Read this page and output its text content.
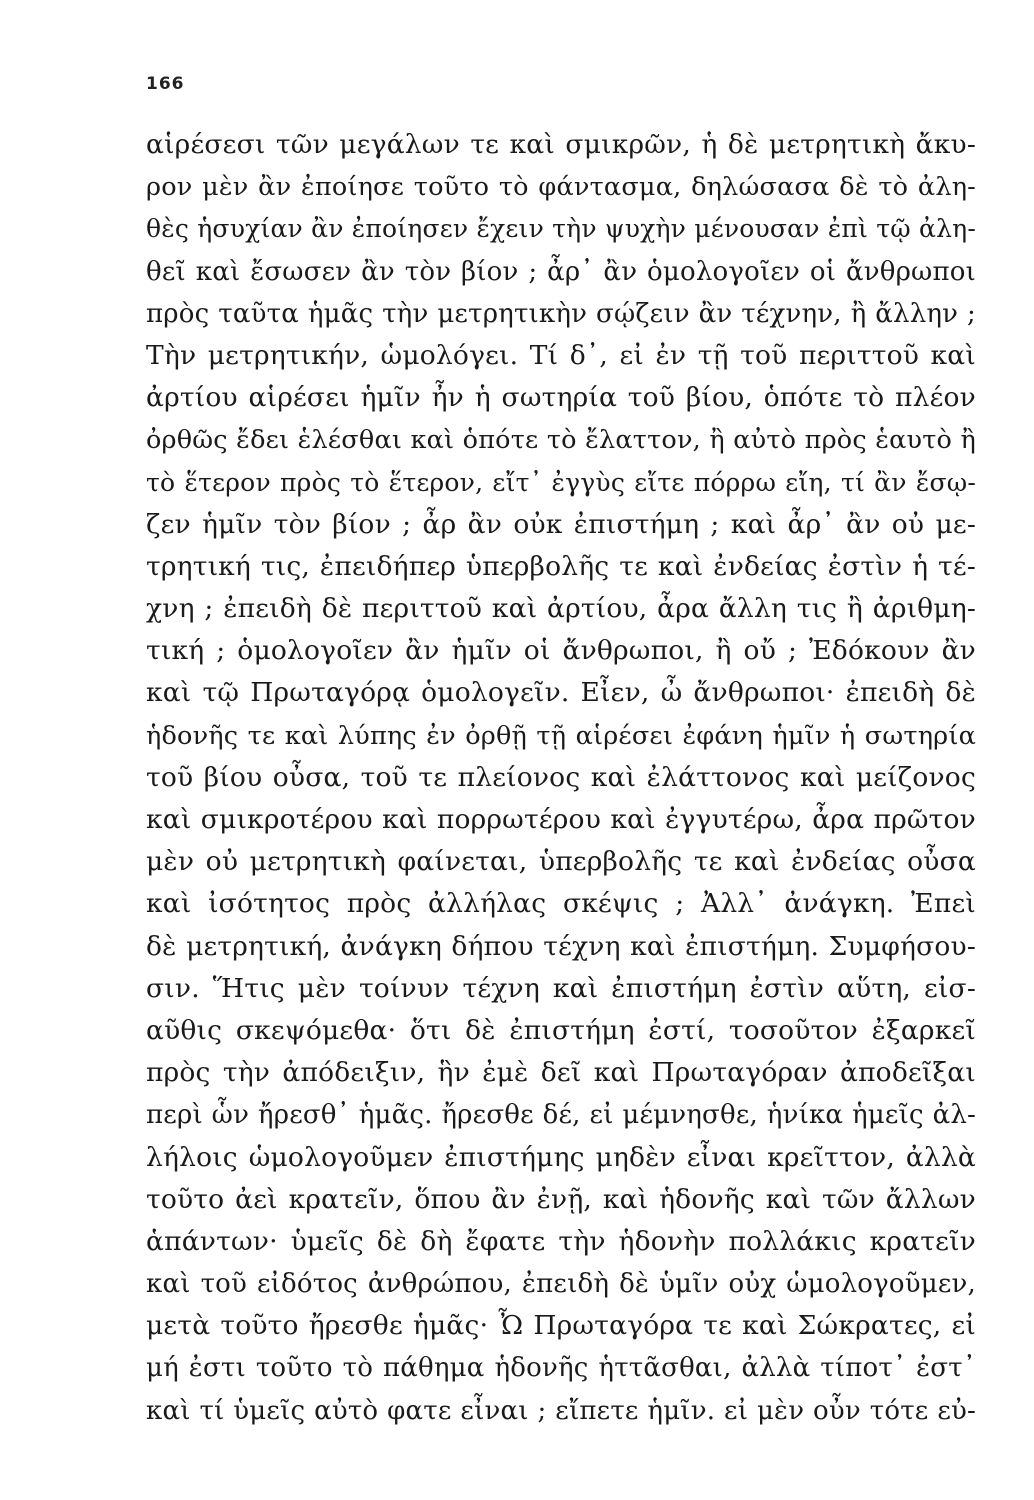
166
αἱρέσεσι τῶν μεγάλων τε καὶ σμικρῶν, ἡ δὲ μετρητικὴ ἄκυ- ρον μὲν ἂν ἐποίησε τοῦτο τὸ φάντασμα, δηλώσασα δὲ τὸ ἀλη- θὲς ἡσυχίαν ἂν ἐποίησεν ἔχειν τὴν ψυχὴν μένουσαν ἐπὶ τῷ ἀλη- θεῖ καὶ ἔσωσεν ἂν τὸν βίον ; ἆρ᾽ ἂν ὁμολογοῖεν οἱ ἄνθρωποι πρὸς ταῦτα ἡμᾶς τὴν μετρητικὴν σῴζειν ἂν τέχνην, ἢ ἄλλην ; Τὴν μετρητικήν, ὡμολόγει. Τί δ᾽, εἰ ἐν τῇ τοῦ περιττοῦ καὶ ἀρτίου αἱρέσει ἡμῖν ἦν ἡ σωτηρία τοῦ βίου, ὁπότε τὸ πλέον ὀρθῶς ἔδει ἑλέσθαι καὶ ὁπότε τὸ ἔλαττον, ἢ αὐτὸ πρὸς ἑαυτὸ ἢ τὸ ἕτερον πρὸς τὸ ἕτερον, εἴτ᾽ ἐγγὺς εἴτε πόρρω εἴη, τί ἂν ἔσῳ- ζεν ἡμῖν τὸν βίον ; ἆρ ἂν οὐκ ἐπιστήμη ; καὶ ἆρ᾽ ἂν οὐ με- τρητική τις, ἐπειδήπερ ὑπερβολῆς τε καὶ ἐνδείας ἐστὶν ἡ τέ- χνη ; ἐπειδὴ δὲ περιττοῦ καὶ ἀρτίου, ἆρα ἄλλη τις ἢ ἀριθμη- τική ; ὁμολογοῖεν ἂν ἡμῖν οἱ ἄνθρωποι, ἢ οὔ ; Ἐδόκουν ἂν καὶ τῷ Πρωταγόρᾳ ὁμολογεῖν. Εἶεν, ὦ ἄνθρωποι· ἐπειδὴ δὲ ἡδονῆς τε καὶ λύπης ἐν ὀρθῇ τῇ αἱρέσει ἐφάνη ἡμῖν ἡ σωτηρία τοῦ βίου οὖσα, τοῦ τε πλείονος καὶ ἐλάττονος καὶ μείζονος καὶ σμικροτέρου καὶ πορρωτέρου καὶ ἐγγυτέρω, ἆρα πρῶτον μὲν οὐ μετρητικὴ φαίνεται, ὑπερβολῆς τε καὶ ἐνδείας οὖσα καὶ ἰσότητος πρὸς ἀλλήλας σκέψις ; Ἀλλ᾽ ἀνάγκη. Ἐπεὶ δὲ μετρητική, ἀνάγκη δήπου τέχνη καὶ ἐπιστήμη. Συμφήσου- σιν. Ἥτις μὲν τοίνυν τέχνη καὶ ἐπιστήμη ἐστὶν αὕτη, εἰσ- αῦθις σκεψόμεθα· ὅτι δὲ ἐπιστήμη ἐστί, τοσοῦτον ἐξαρκεῖ πρὸς τὴν ἀπόδειξιν, ἣν ἐμὲ δεῖ καὶ Πρωταγόραν ἀποδεῖξαι περὶ ὧν ἤρεσθ᾽ ἡμᾶς. ἤρεσθε δέ, εἰ μέμνησθε, ἡνίκα ἡμεῖς ἀλ- λήλοις ὡμολογοῦμεν ἐπιστήμης μηδὲν εἶναι κρεῖττον, ἀλλὰ τοῦτο ἀεὶ κρατεῖν, ὅπου ἂν ἐνῇ, καὶ ἡδονῆς καὶ τῶν ἄλλων ἁπάντων· ὑμεῖς δὲ δὴ ἔφατε τὴν ἡδονὴν πολλάκις κρατεῖν καὶ τοῦ εἰδότος ἀνθρώπου, ἐπειδὴ δὲ ὑμῖν οὐχ ὡμολογοῦμεν, μετὰ τοῦτο ἤρεσθε ἡμᾶς· Ὦ Πρωταγόρα τε καὶ Σώκρατες, εἰ μή ἐστι τοῦτο τὸ πάθημα ἡδονῆς ἡττᾶσθαι, ἀλλὰ τίποτ᾽ ἐστ᾽ καὶ τί ὑμεῖς αὐτὸ φατε εἶναι ; εἴπετε ἡμῖν. εἰ μὲν οὖν τότε εὐ-
